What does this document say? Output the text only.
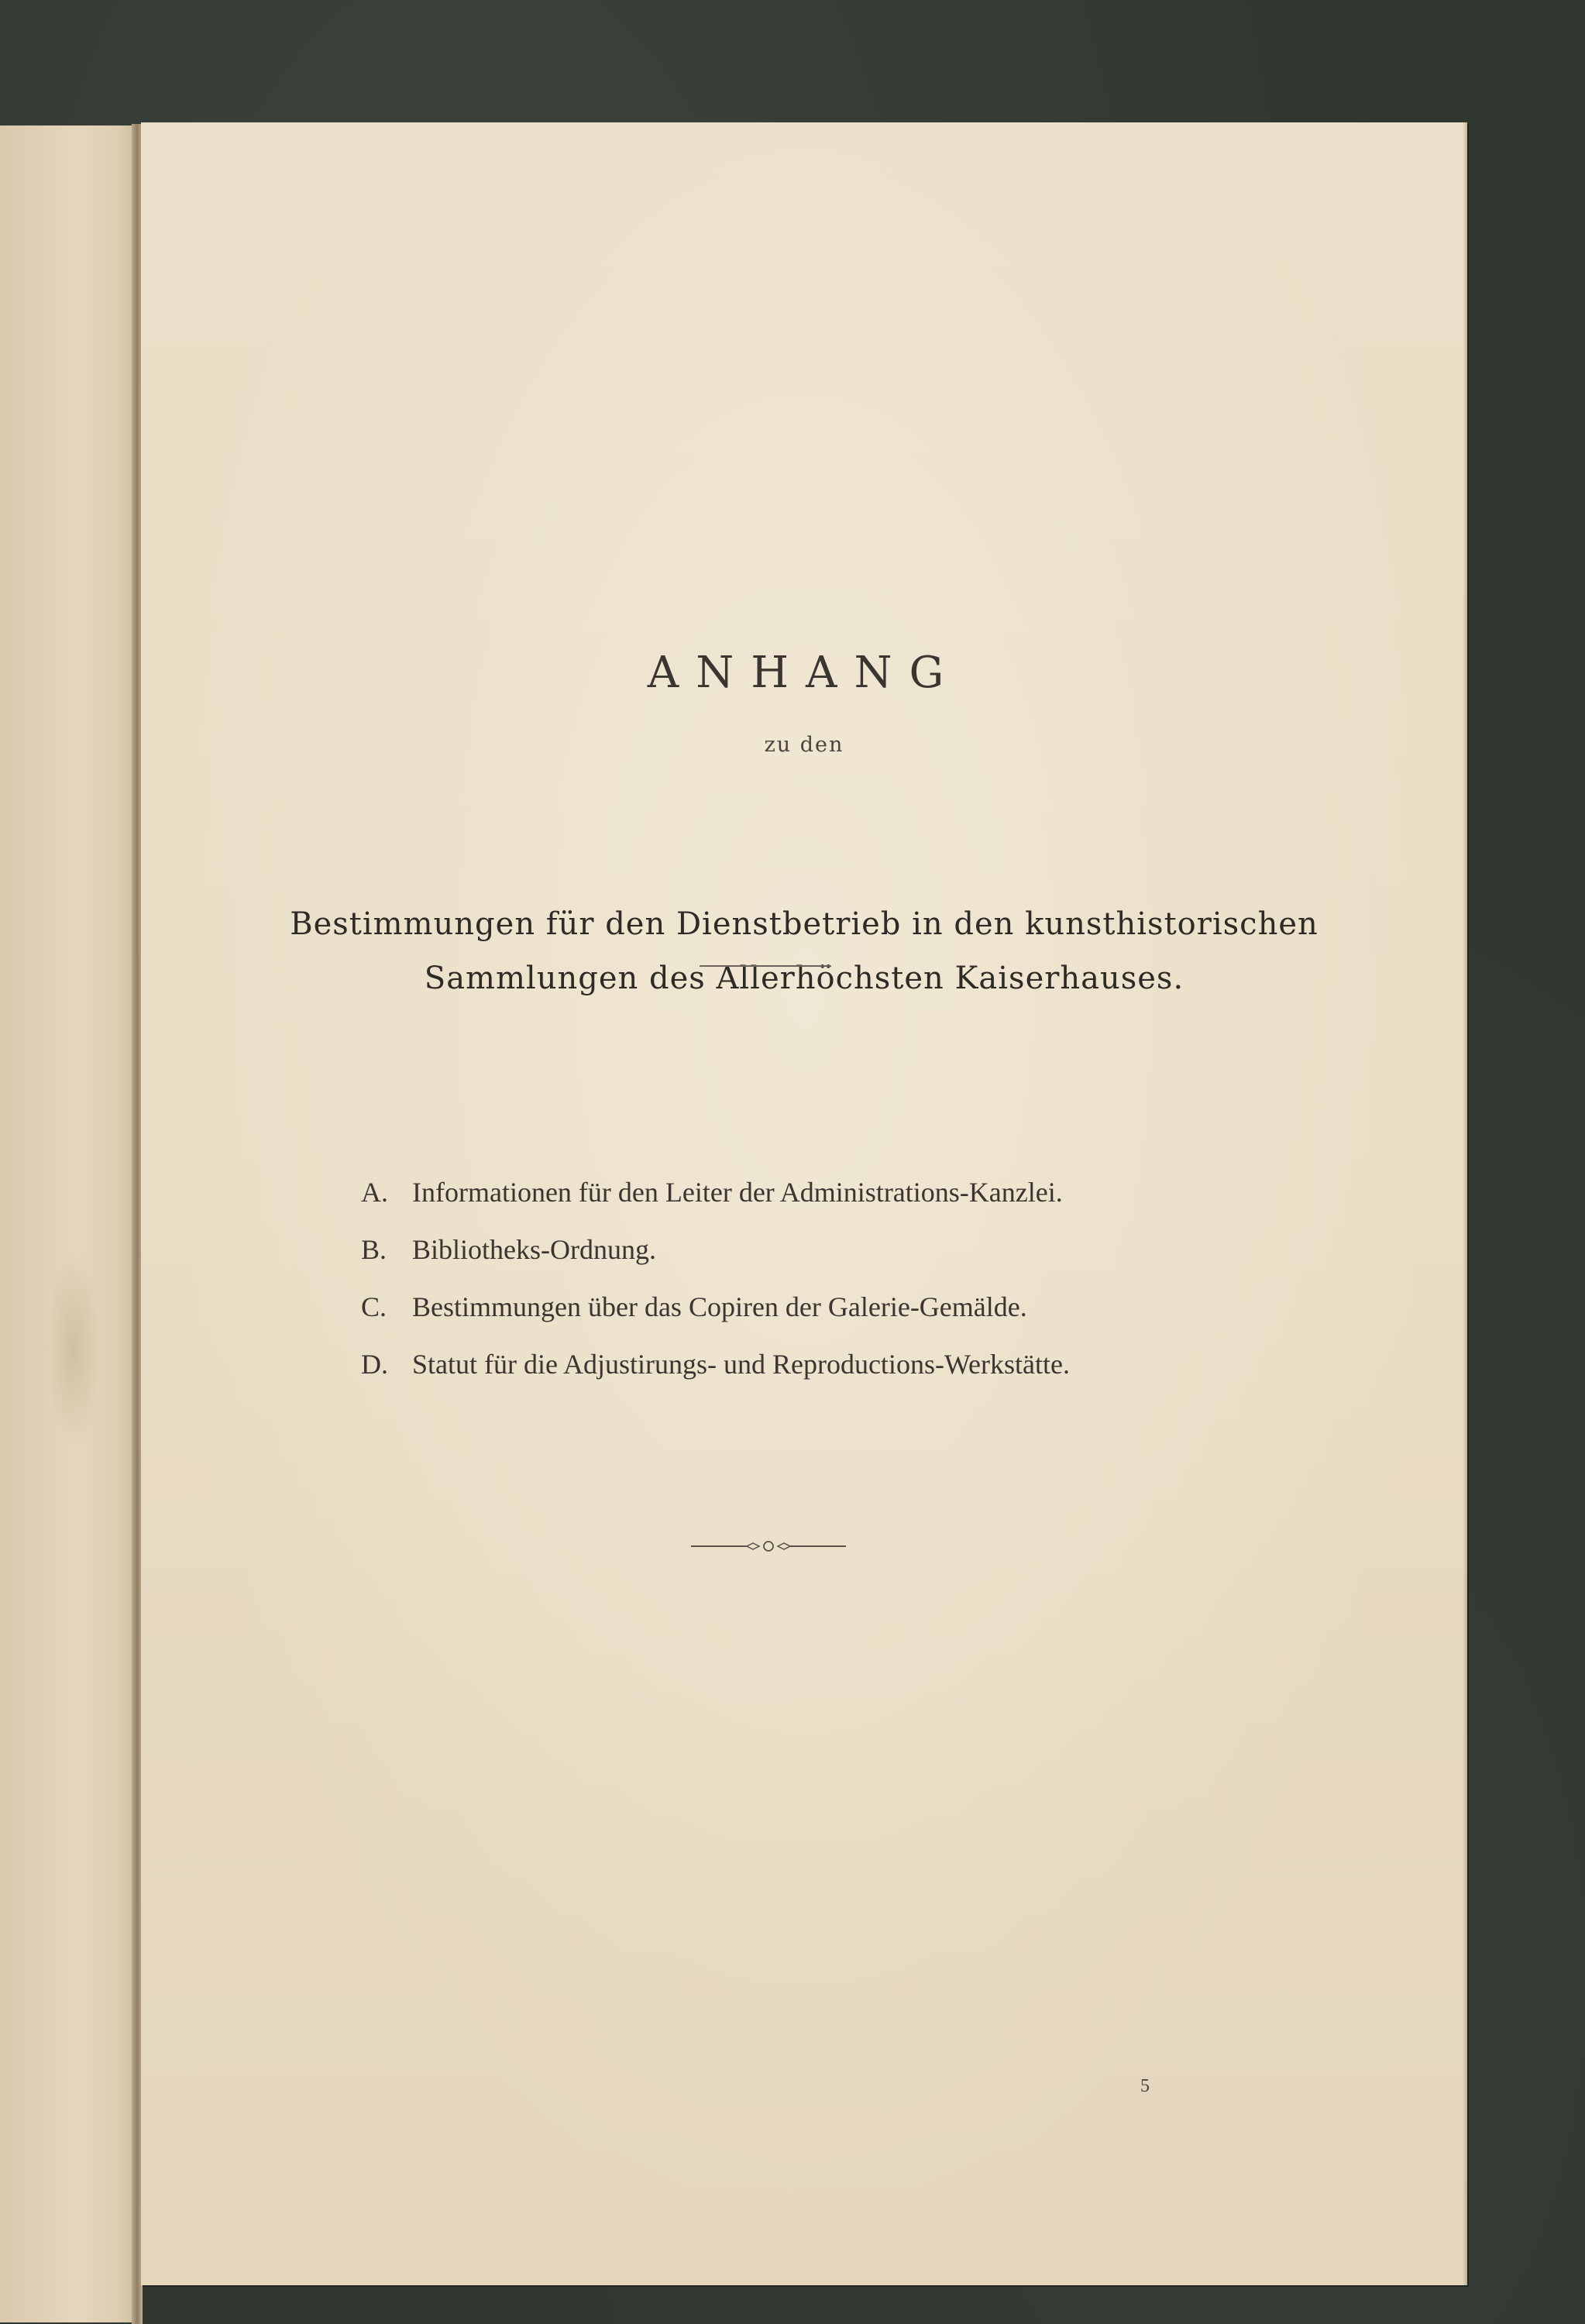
ANHANG
zu den
Bestimmungen für den Dienstbetrieb in den kunsthistorischen
Sammlungen des Allerhöchsten Kaiserhauses.
A. Informationen für den Leiter der Administrations-Kanzlei.
B. Bibliotheks-Ordnung.
C. Bestimmungen über das Copiren der Galerie-Gemälde.
D. Statut für die Adjustirungs- und Reproductions-Werkstätte.
5
